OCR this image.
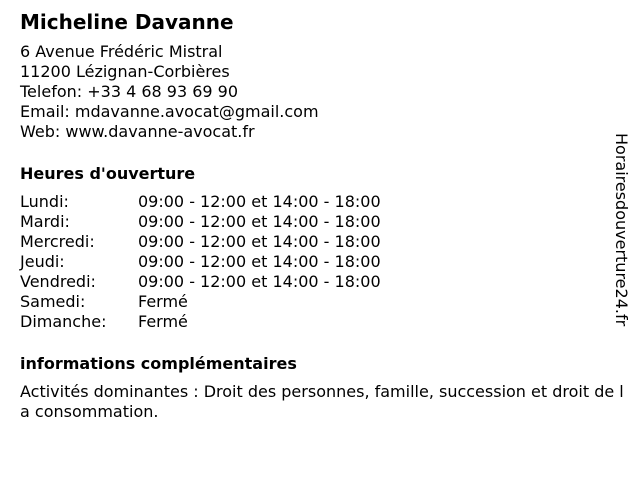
Micheline Davanne
6 Avenue Frédéric Mistral
11200 Lézignan-Corbières
Telefon: +33 4 68 93 69 90
Email: mdavanne.avocat@gmail.com
Web: www.davanne-avocat.fr
Heures d'ouverture
Lundi:	09:00 - 12:00 et 14:00 - 18:00
Mardi:	09:00 - 12:00 et 14:00 - 18:00
Mercredi:	09:00 - 12:00 et 14:00 - 18:00
Jeudi:	09:00 - 12:00 et 14:00 - 18:00
Vendredi:	09:00 - 12:00 et 14:00 - 18:00
Samedi:	Fermé
Dimanche:	Fermé
informations complémentaires
Activités dominantes : Droit des personnes, famille, succession et droit de la consommation.
Horairesdouverture24.fr
